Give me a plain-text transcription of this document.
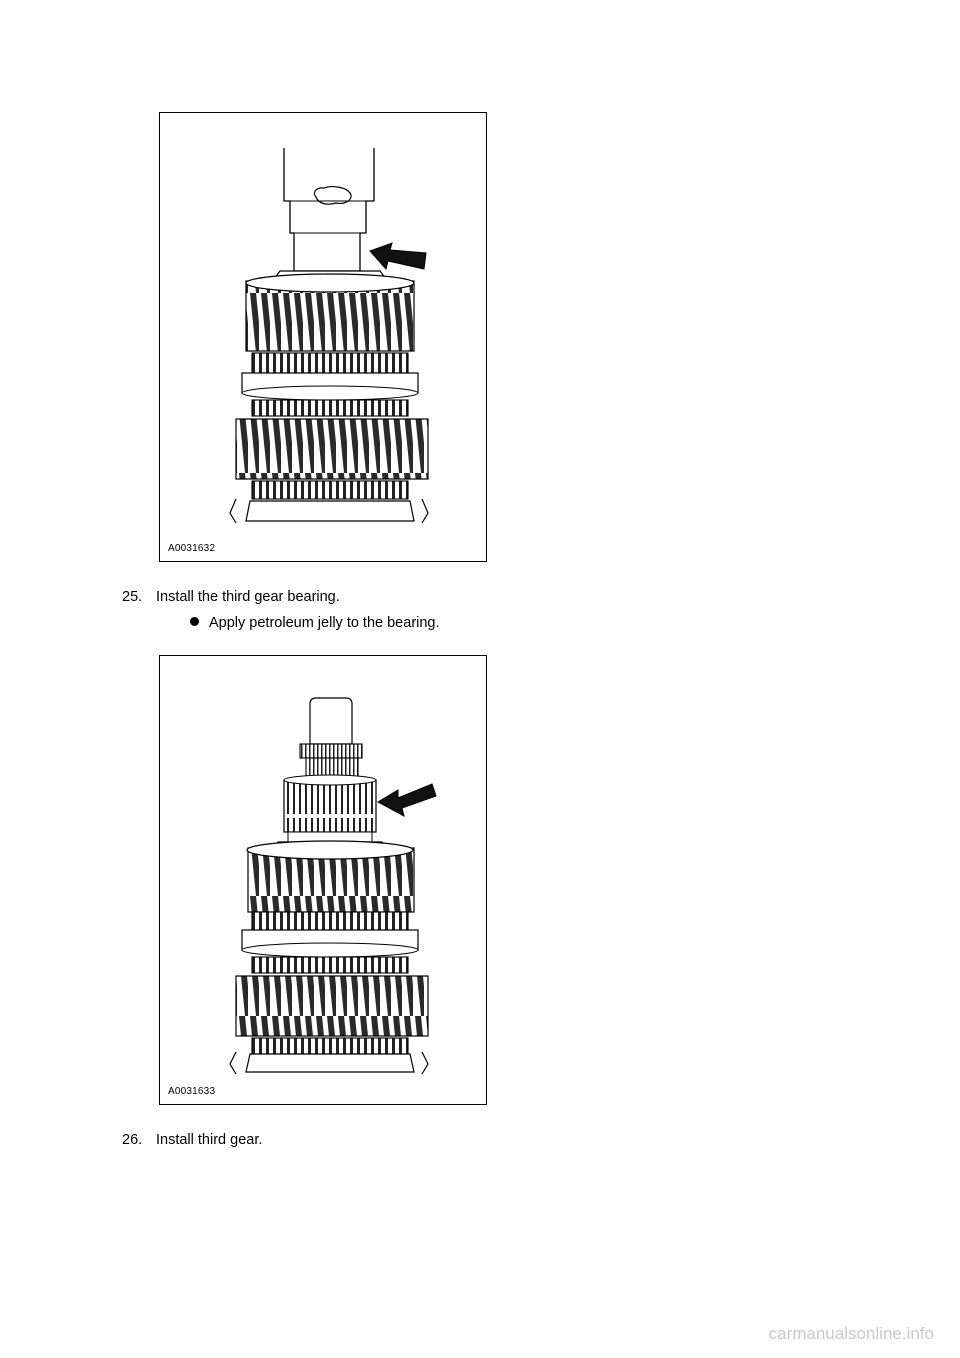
A0031632
25. Install the third gear bearing.
Apply petroleum jelly to the bearing.
A0031633
26. Install third gear.
carmanualsonline.info
